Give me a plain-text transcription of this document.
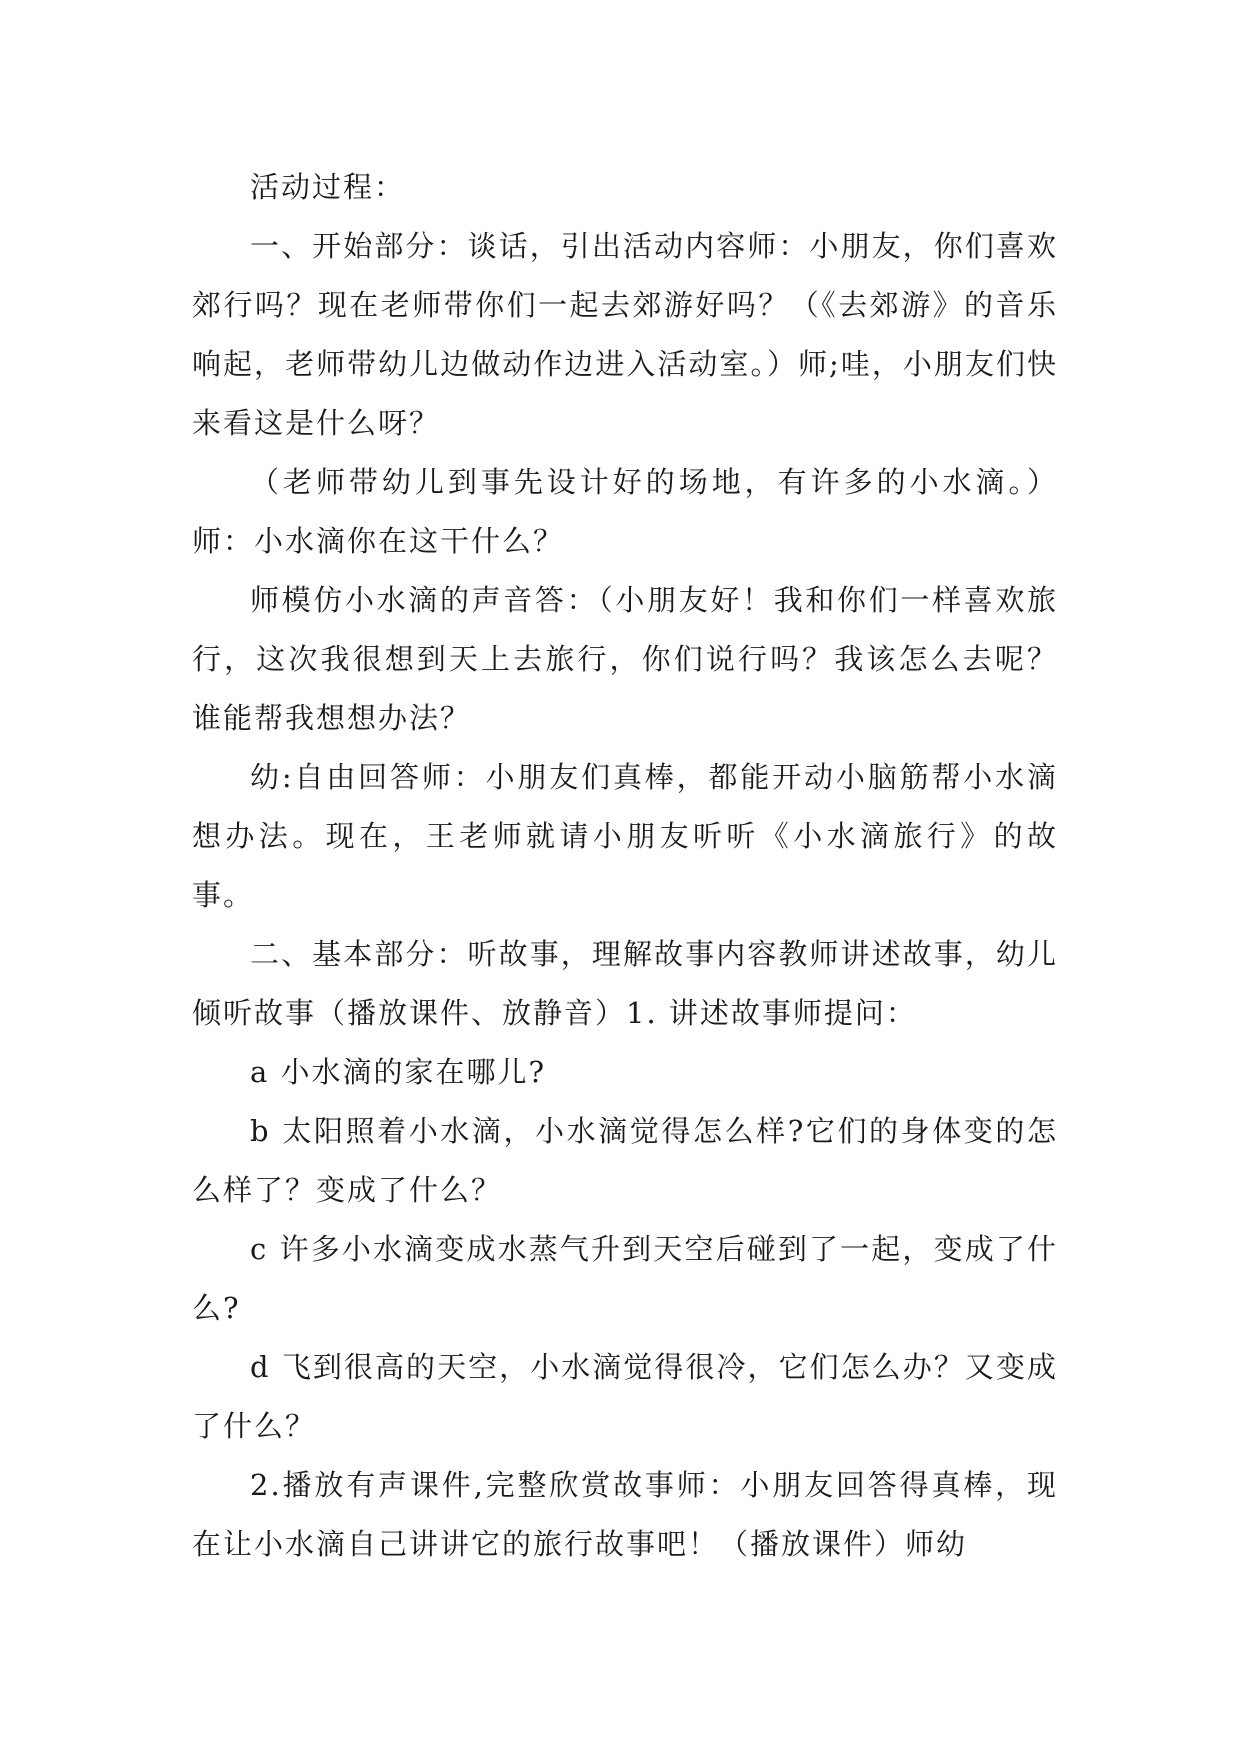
活动过程：

一、开始部分：谈话，引出活动内容师：小朋友，你们喜欢郊行吗？现在老师带你们一起去郊游好吗？（《去郊游》的音乐响起，老师带幼儿边做动作边进入活动室。）师;哇，小朋友们快来看这是什么呀？

（老师带幼儿到事先设计好的场地，有许多的小水滴。）师：小水滴你在这干什么？

师模仿小水滴的声音答：（小朋友好！我和你们一样喜欢旅行，这次我很想到天上去旅行，你们说行吗？我该怎么去呢？谁能帮我想想办法？

幼:自由回答师：小朋友们真棒，都能开动小脑筋帮小水滴想办法。现在，王老师就请小朋友听听《小水滴旅行》的故事。

二、基本部分：听故事，理解故事内容教师讲述故事，幼儿倾听故事（播放课件、放静音）1. 讲述故事师提问：

a 小水滴的家在哪儿?

b 太阳照着小水滴，小水滴觉得怎么样?它们的身体变的怎么样了？变成了什么？

c 许多小水滴变成水蒸气升到天空后碰到了一起，变成了什么?

d 飞到很高的天空，小水滴觉得很冷，它们怎么办？又变成了什么？

2.播放有声课件,完整欣赏故事师：小朋友回答得真棒，现在让小水滴自己讲讲它的旅行故事吧！（播放课件）师幼
